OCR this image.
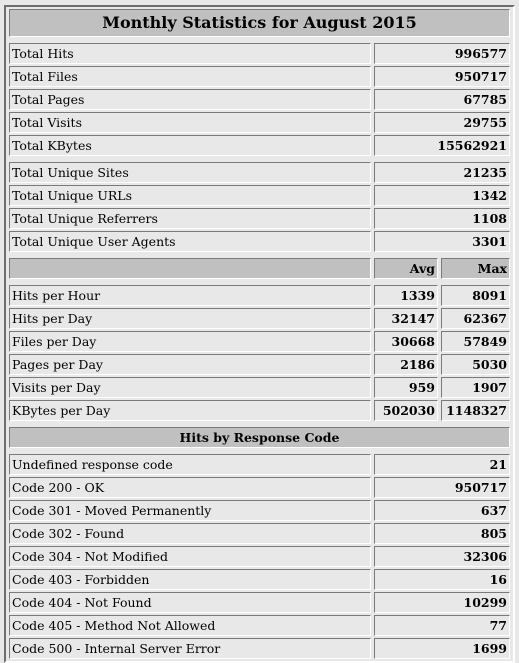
Monthly Statistics for August 2015		

Total Hits	996577	
Total Files	950717	
Total Pages	67785	
Total Visits	29755	
Total KBytes	15562921	

Total Unique Sites	21235	
Total Unique URLs	1342	
Total Unique Referrers	1108	
Total Unique User Agents	3301	

	Avg	Max

Hits per Hour	1339	8091
Hits per Day	32147	62367
Files per Day	30668	57849
Pages per Day	2186	5030
Visits per Day	959	1907
KBytes per Day	502030	1148327

Hits by Response Code		

Undefined response code	21	
Code 200 - OK	950717	
Code 301 - Moved Permanently	637	
Code 302 - Found	805	
Code 304 - Not Modified	32306	
Code 403 - Forbidden	16	
Code 404 - Not Found	10299	
Code 405 - Method Not Allowed	77	
Code 500 - Internal Server Error	1699	
